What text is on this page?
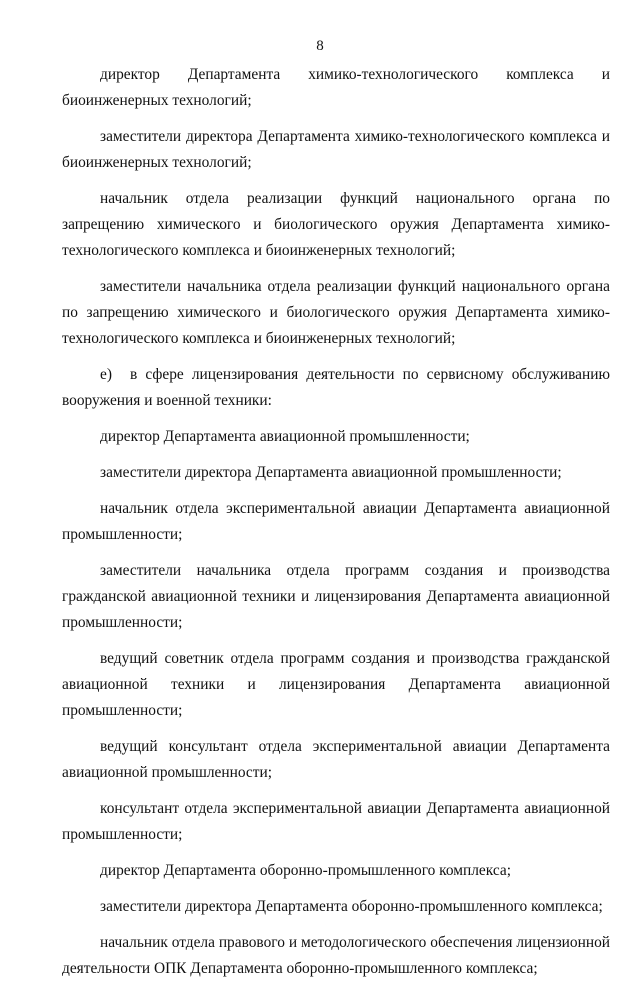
8

директор Департамента химико-технологического комплекса и биоинженерных технологий;

заместители директора Департамента химико-технологического комплекса и биоинженерных технологий;

начальник отдела реализации функций национального органа по запрещению химического и биологического оружия Департамента химико-технологического комплекса и биоинженерных технологий;

заместители начальника отдела реализации функций национального органа по запрещению химического и биологического оружия Департамента химико-технологического комплекса и биоинженерных технологий;

е) в сфере лицензирования деятельности по сервисному обслуживанию вооружения и военной техники:

директор Департамента авиационной промышленности;

заместители директора Департамента авиационной промышленности;

начальник отдела экспериментальной авиации Департамента авиационной промышленности;

заместители начальника отдела программ создания и производства гражданской авиационной техники и лицензирования Департамента авиационной промышленности;

ведущий советник отдела программ создания и производства гражданской авиационной техники и лицензирования Департамента авиационной промышленности;

ведущий консультант отдела экспериментальной авиации Департамента авиационной промышленности;

консультант отдела экспериментальной авиации Департамента авиационной промышленности;

директор Департамента оборонно-промышленного комплекса;

заместители директора Департамента оборонно-промышленного комплекса;

начальник отдела правового и методологического обеспечения лицензионной деятельности ОПК Департамента оборонно-промышленного комплекса;
